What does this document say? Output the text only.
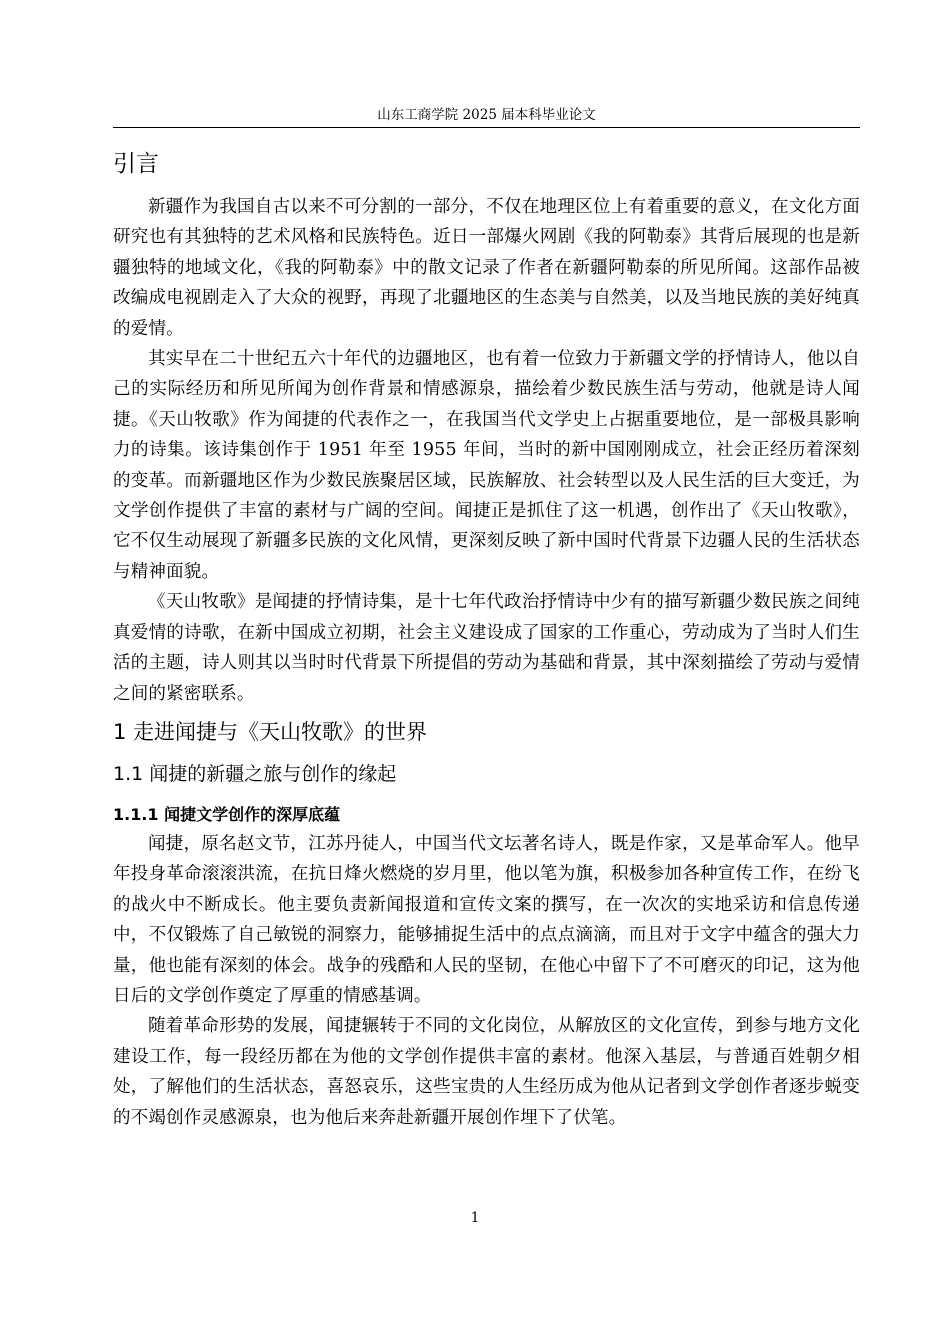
山东工商学院 2025 届本科毕业论文
引言

新疆作为我国自古以来不可分割的一部分，不仅在地理区位上有着重要的意义，在文化方面研究也有其独特的艺术风格和民族特色。近日一部爆火网剧《我的阿勒泰》其背后展现的也是新疆独特的地域文化，《我的阿勒泰》中的散文记录了作者在新疆阿勒泰的所见所闻。这部作品被改编成电视剧走入了大众的视野，再现了北疆地区的生态美与自然美，以及当地民族的美好纯真的爱情。

其实早在二十世纪五六十年代的边疆地区，也有着一位致力于新疆文学的抒情诗人，他以自己的实际经历和所见所闻为创作背景和情感源泉，描绘着少数民族生活与劳动，他就是诗人闻捷。《天山牧歌》作为闻捷的代表作之一，在我国当代文学史上占据重要地位，是一部极具影响力的诗集。该诗集创作于 1951 年至 1955 年间，当时的新中国刚刚成立，社会正经历着深刻的变革。而新疆地区作为少数民族聚居区域，民族解放、社会转型以及人民生活的巨大变迁，为文学创作提供了丰富的素材与广阔的空间。闻捷正是抓住了这一机遇，创作出了《天山牧歌》，它不仅生动展现了新疆多民族的文化风情，更深刻反映了新中国时代背景下边疆人民的生活状态与精神面貌。

《天山牧歌》是闻捷的抒情诗集，是十七年代政治抒情诗中少有的描写新疆少数民族之间纯真爱情的诗歌，在新中国成立初期，社会主义建设成了国家的工作重心，劳动成为了当时人们生活的主题，诗人则其以当时时代背景下所提倡的劳动为基础和背景，其中深刻描绘了劳动与爱情之间的紧密联系。

1 走进闻捷与《天山牧歌》的世界
1.1 闻捷的新疆之旅与创作的缘起
1.1.1 闻捷文学创作的深厚底蕴

闻捷，原名赵文节，江苏丹徒人，中国当代文坛著名诗人，既是作家，又是革命军人。他早年投身革命滚滚洪流，在抗日烽火燃烧的岁月里，他以笔为旗，积极参加各种宣传工作，在纷飞的战火中不断成长。他主要负责新闻报道和宣传文案的撰写，在一次次的实地采访和信息传递中，不仅锻炼了自己敏锐的洞察力，能够捕捉生活中的点点滴滴，而且对于文字中蕴含的强大力量，他也能有深刻的体会。战争的残酷和人民的坚韧，在他心中留下了不可磨灭的印记，这为他日后的文学创作奠定了厚重的情感基调。

随着革命形势的发展，闻捷辗转于不同的文化岗位，从解放区的文化宣传，到参与地方文化建设工作，每一段经历都在为他的文学创作提供丰富的素材。他深入基层，与普通百姓朝夕相处，了解他们的生活状态，喜怒哀乐，这些宝贵的人生经历成为他从记者到文学创作者逐步蜕变的不竭创作灵感源泉，也为他后来奔赴新疆开展创作埋下了伏笔。

1
